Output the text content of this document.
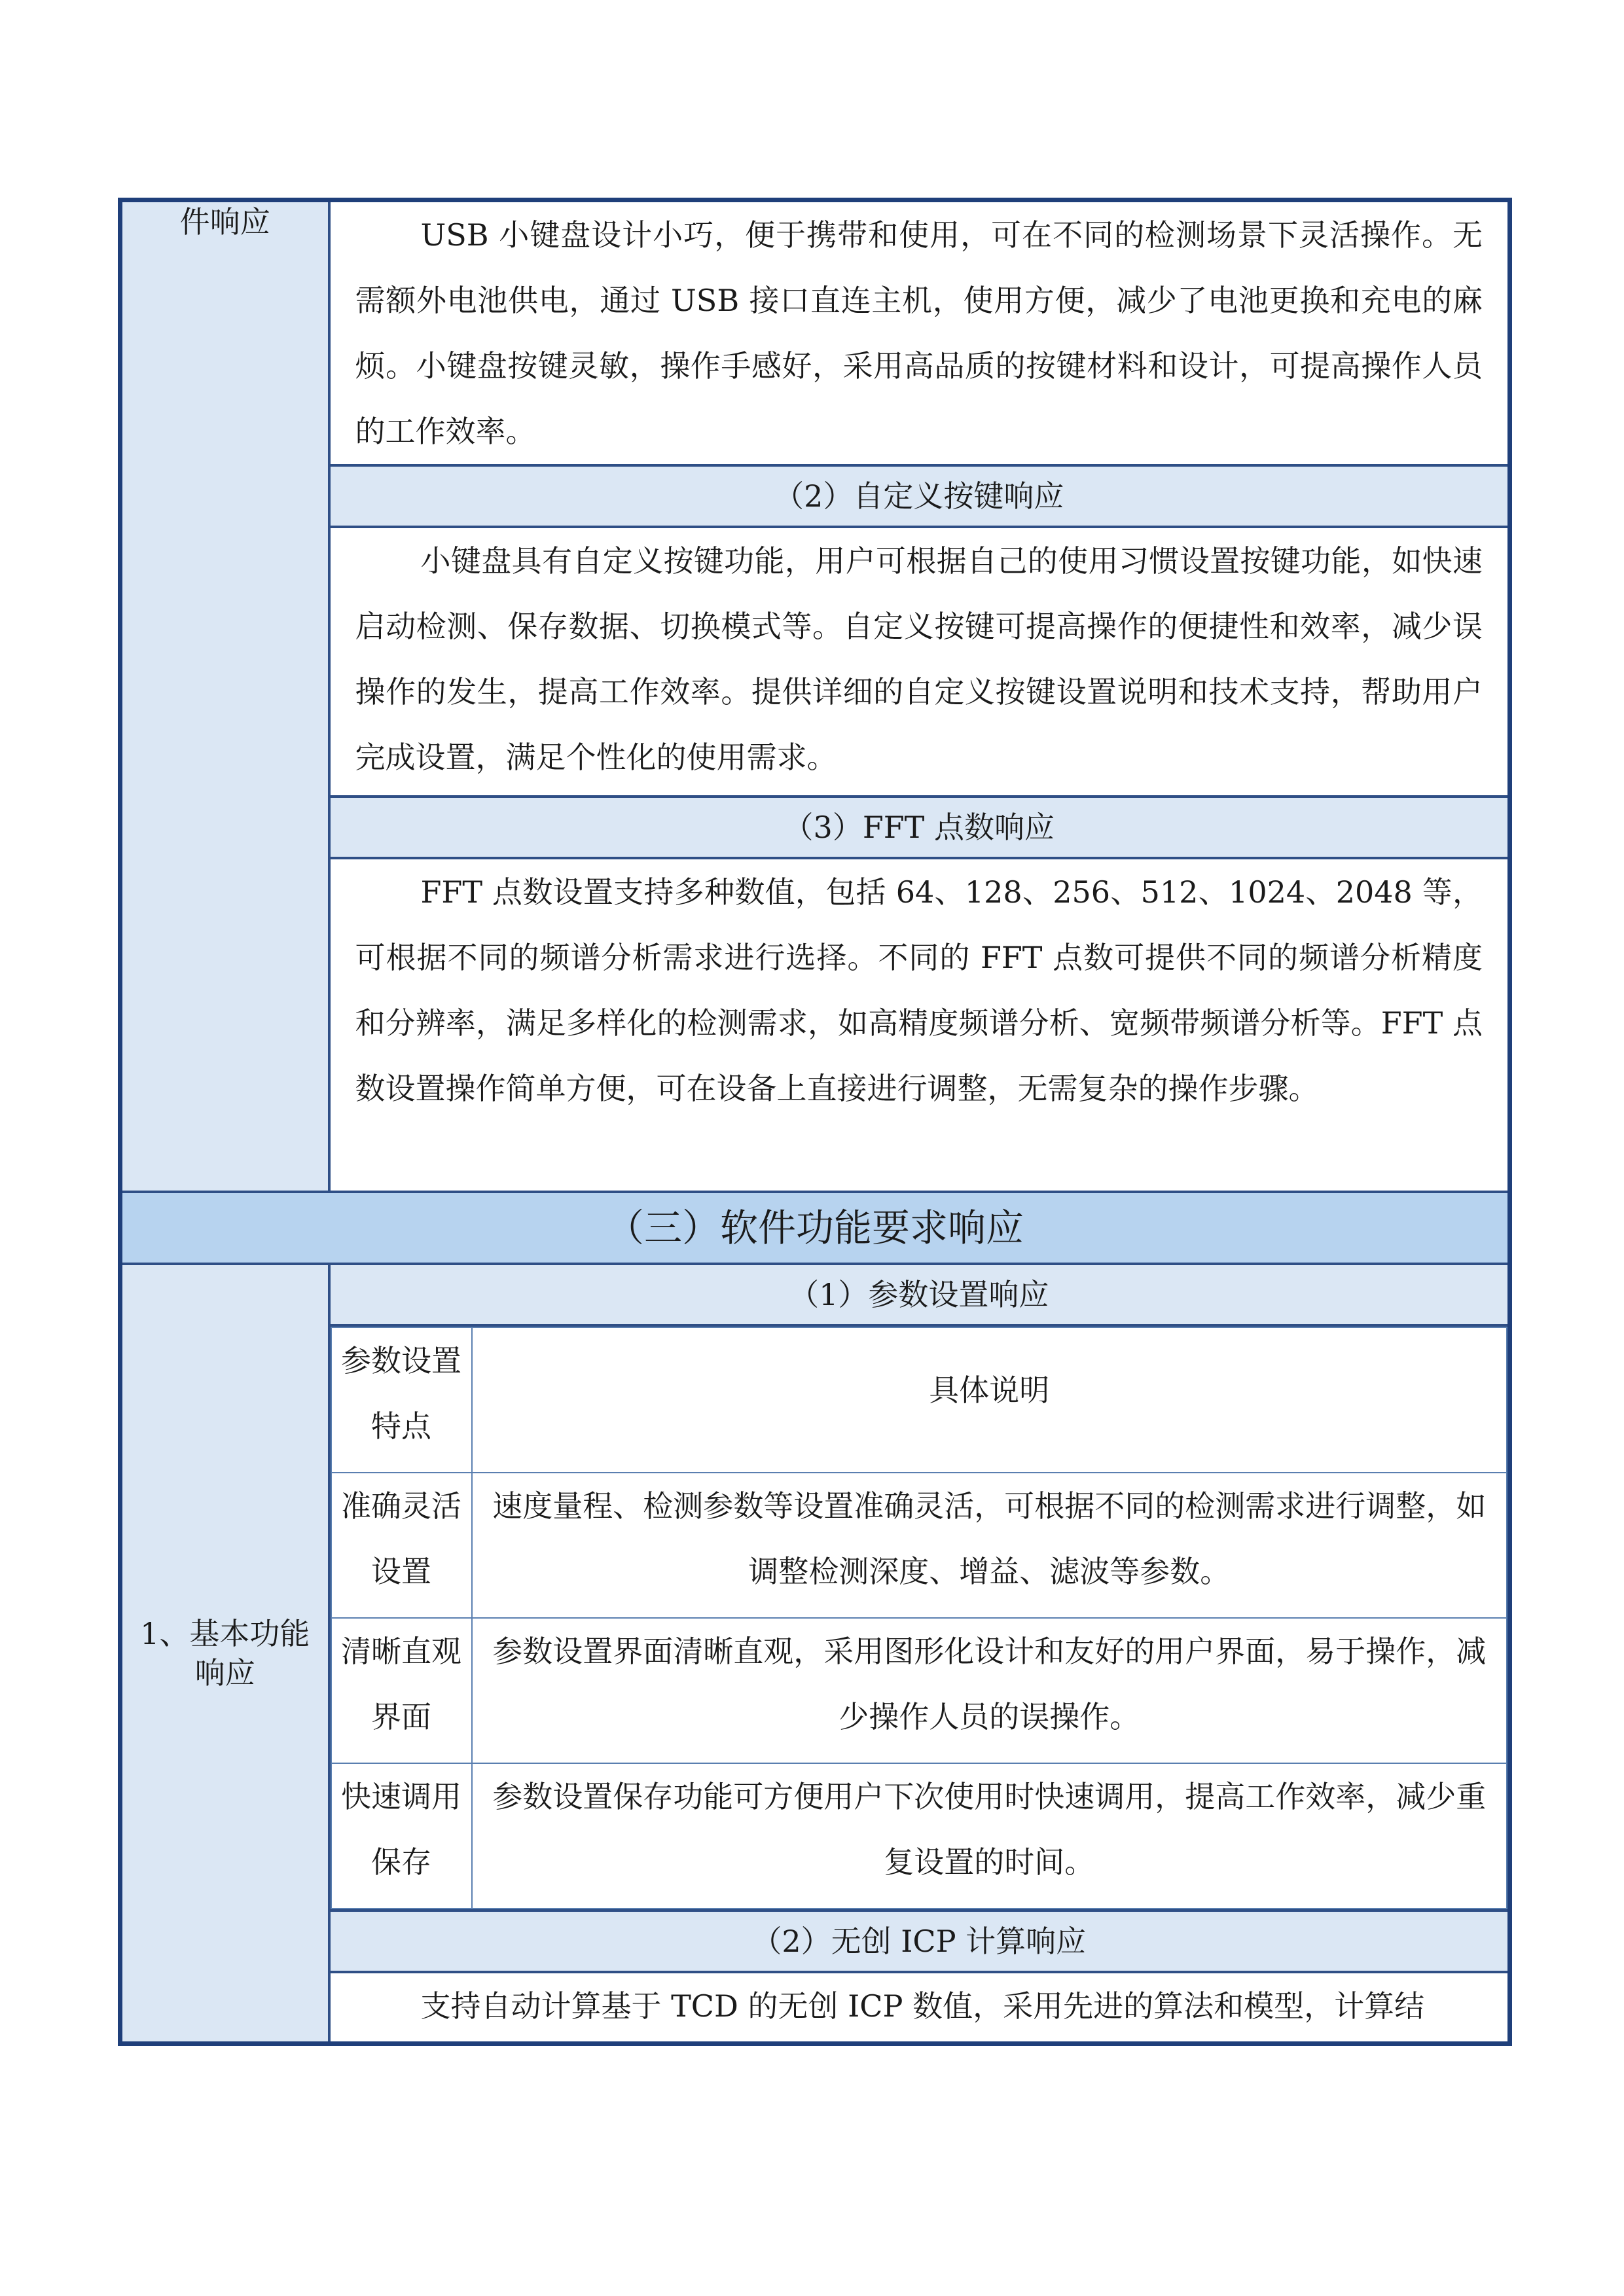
件响应	USB 小键盘设计小巧，便于携带和使用，可在不同的检测场景下灵活操作。无需额外电池供电，通过 USB 接口直连主机，使用方便，减少了电池更换和充电的麻烦。小键盘按键灵敏，操作手感好，采用高品质的按键材料和设计，可提高操作人员的工作效率。
（2）自定义按键响应
小键盘具有自定义按键功能，用户可根据自己的使用习惯设置按键功能，如快速启动检测、保存数据、切换模式等。自定义按键可提高操作的便捷性和效率，减少误操作的发生，提高工作效率。提供详细的自定义按键设置说明和技术支持，帮助用户完成设置，满足个性化的使用需求。
（3）FFT 点数响应
FFT 点数设置支持多种数值，包括 64、128、256、512、1024、2048 等，可根据不同的频谱分析需求进行选择。不同的 FFT 点数可提供不同的频谱分析精度和分辨率，满足多样化的检测需求，如高精度频谱分析、宽频带频谱分析等。FFT 点数设置操作简单方便，可在设备上直接进行调整，无需复杂的操作步骤。
（三）软件功能要求响应

1、基本功能响应
	（1）参数设置响应

参数设置特点	具体说明
准确灵活设置	速度量程、检测参数等设置准确灵活，可根据不同的检测需求进行调整，如调整检测深度、增益、滤波等参数。
清晰直观界面	参数设置界面清晰直观，采用图形化设计和友好的用户界面，易于操作，减少操作人员的误操作。
快速调用保存	参数设置保存功能可方便用户下次使用时快速调用，提高工作效率，减少重复设置的时间。

（2）无创 ICP 计算响应
支持自动计算基于 TCD 的无创 ICP 数值，采用先进的算法和模型，计算结
